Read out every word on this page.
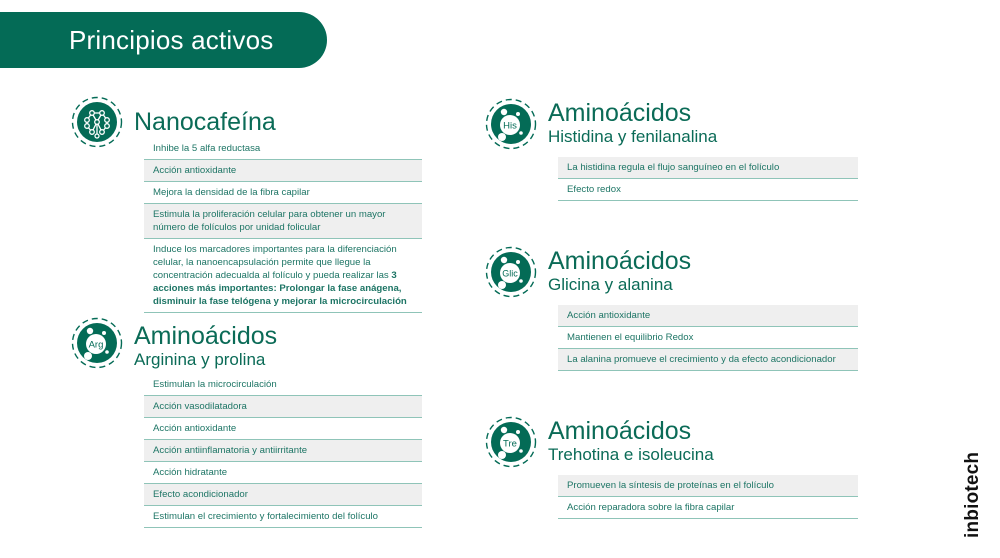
Principios activos
Nanocafeína
Inhibe la 5 alfa reductasa
Acción antioxidante
Mejora la densidad de la fibra capilar
Estimula la proliferación celular para obtener un mayor número de folículos por unidad folicular
Induce los marcadores importantes para la diferenciación celular, la nanoencapsulación permite que llegue la concentración adecualda al folículo y pueda realizar las 3 acciones más importantes: Prolongar la fase anágena, disminuir la fase telógena y mejorar la microcirculación
Arg Aminoácidos
Arginina y prolina
Estimulan la microcirculación
Acción vasodilatadora
Acción antioxidante
Acción antiinflamatoria y antiirritante
Acción hidratante
Efecto acondicionador
Estimulan el crecimiento y fortalecimiento del folículo
His Aminoácidos
Histidina y fenilanalina
La histidina regula el flujo sanguíneo en el folículo
Efecto redox
Glic Aminoácidos
Glicina y alanina
Acción antioxidante
Mantienen el equilibrio Redox
La alanina promueve el crecimiento y da efecto acondicionador
Tre Aminoácidos
Trehotina e isoleucina
Promueven la síntesis de proteínas en el folículo
Acción reparadora sobre la fibra capilar	inbiotech
